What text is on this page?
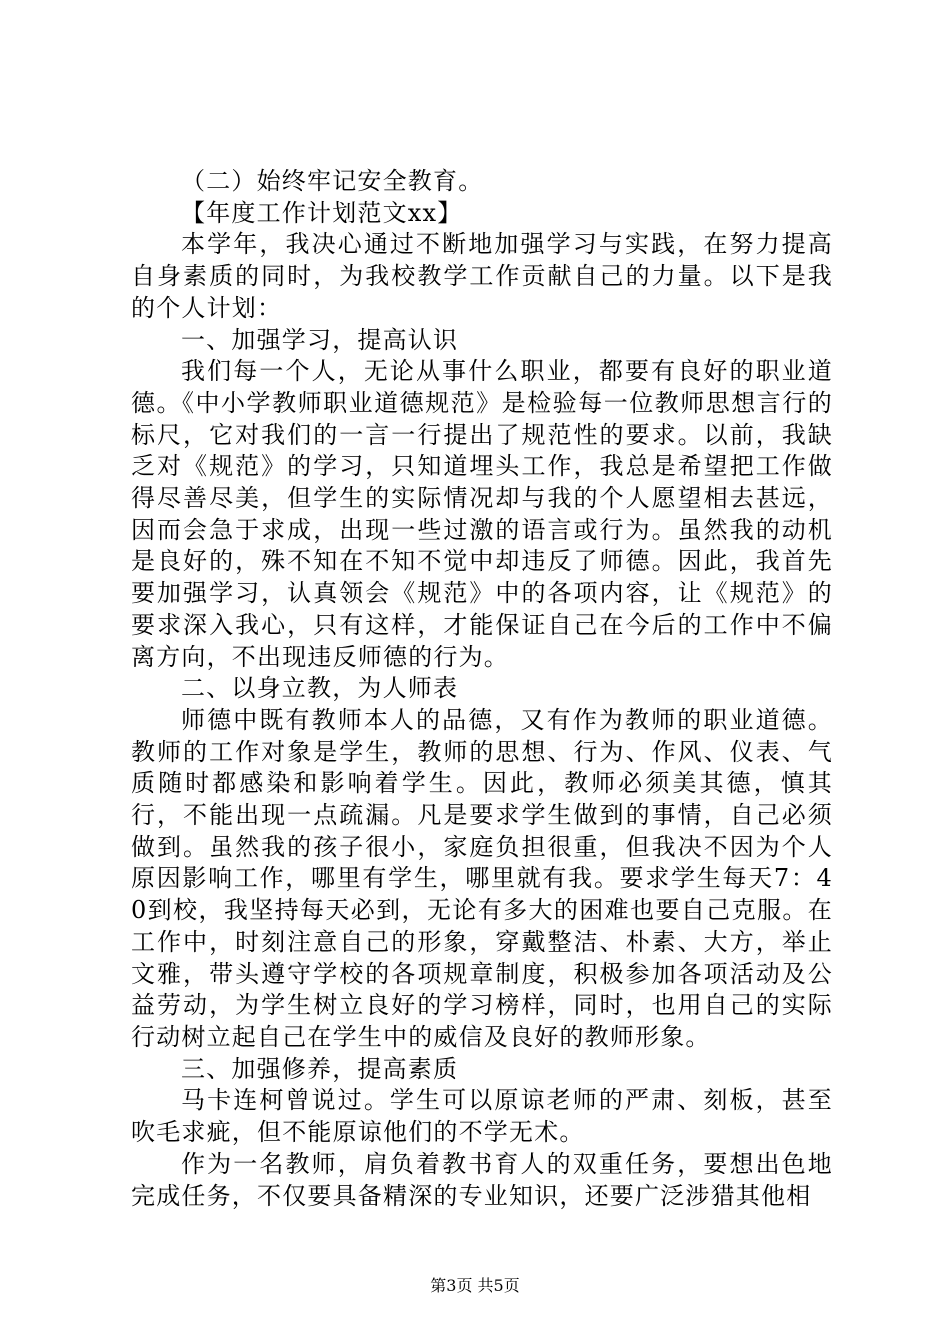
（二）始终牢记安全教育。

【年度工作计划范文xx】

本学年，我决心通过不断地加强学习与实践，在努力提高自身素质的同时，为我校教学工作贡献自己的力量。以下是我的个人计划：

一、加强学习，提高认识

我们每一个人，无论从事什么职业，都要有良好的职业道德。《中小学教师职业道德规范》是检验每一位教师思想言行的标尺，它对我们的一言一行提出了规范性的要求。以前，我缺乏对《规范》的学习，只知道埋头工作，我总是希望把工作做得尽善尽美，但学生的实际情况却与我的个人愿望相去甚远，因而会急于求成，出现一些过激的语言或行为。虽然我的动机是良好的，殊不知在不知不觉中却违反了师德。因此，我首先要加强学习，认真领会《规范》中的各项内容，让《规范》的要求深入我心，只有这样，才能保证自己在今后的工作中不偏离方向，不出现违反师德的行为。

二、以身立教，为人师表

师德中既有教师本人的品德，又有作为教师的职业道德。教师的工作对象是学生，教师的思想、行为、作风、仪表、气质随时都感染和影响着学生。因此，教师必须美其德，慎其行，不能出现一点疏漏。凡是要求学生做到的事情，自己必须做到。虽然我的孩子很小，家庭负担很重，但我决不因为个人原因影响工作，哪里有学生，哪里就有我。要求学生每天7：40到校，我坚持每天必到，无论有多大的困难也要自己克服。在工作中，时刻注意自己的形象，穿戴整洁、朴素、大方，举止文雅，带头遵守学校的各项规章制度，积极参加各项活动及公益劳动，为学生树立良好的学习榜样，同时，也用自己的实际行动树立起自己在学生中的威信及良好的教师形象。

三、加强修养，提高素质

马卡连柯曾说过。学生可以原谅老师的严肃、刻板，甚至吹毛求疵，但不能原谅他们的不学无术。

作为一名教师，肩负着教书育人的双重任务，要想出色地完成任务，不仅要具备精深的专业知识，还要广泛涉猎其他相

第3页 共5页
